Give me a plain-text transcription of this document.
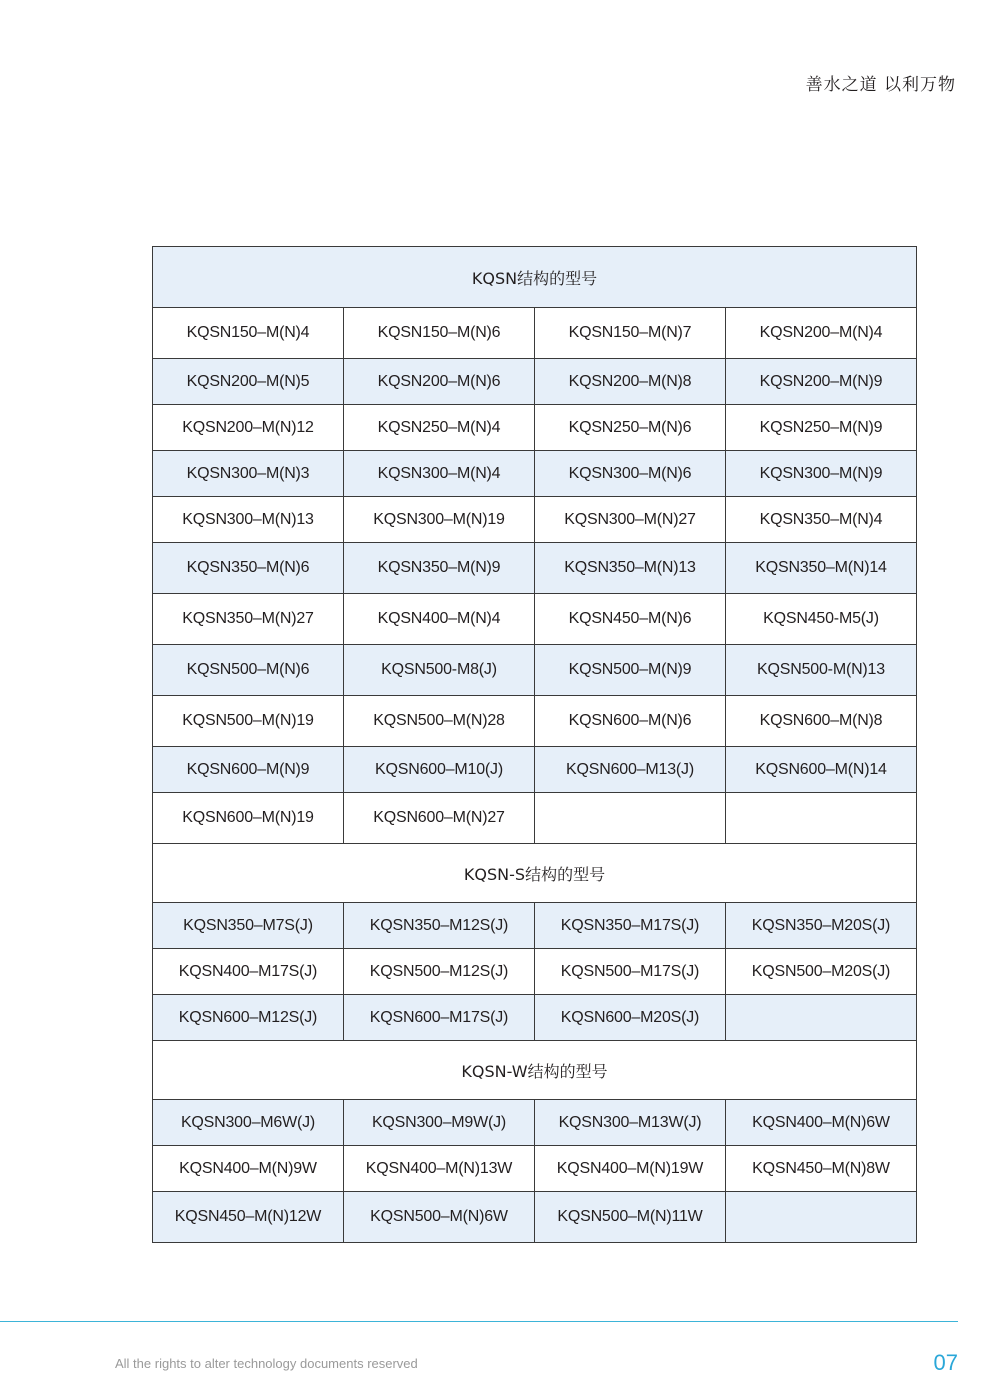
善水之道 以利万物
KQSN结构的型号			
KQSN150–M(N)4	KQSN150–M(N)6	KQSN150–M(N)7	KQSN200–M(N)4
KQSN200–M(N)5	KQSN200–M(N)6	KQSN200–M(N)8	KQSN200–M(N)9
KQSN200–M(N)12	KQSN250–M(N)4	KQSN250–M(N)6	KQSN250–M(N)9
KQSN300–M(N)3	KQSN300–M(N)4	KQSN300–M(N)6	KQSN300–M(N)9
KQSN300–M(N)13	KQSN300–M(N)19	KQSN300–M(N)27	KQSN350–M(N)4
KQSN350–M(N)6	KQSN350–M(N)9	KQSN350–M(N)13	KQSN350–M(N)14
KQSN350–M(N)27	KQSN400–M(N)4	KQSN450–M(N)6	KQSN450-M5(J)
KQSN500–M(N)6	KQSN500-M8(J)	KQSN500–M(N)9	KQSN500-M(N)13
KQSN500–M(N)19	KQSN500–M(N)28	KQSN600–M(N)6	KQSN600–M(N)8
KQSN600–M(N)9	KQSN600–M10(J)	KQSN600–M13(J)	KQSN600–M(N)14
KQSN600–M(N)19	KQSN600–M(N)27		
KQSN-S结构的型号			
KQSN350–M7S(J)	KQSN350–M12S(J)	KQSN350–M17S(J)	KQSN350–M20S(J)
KQSN400–M17S(J)	KQSN500–M12S(J)	KQSN500–M17S(J)	KQSN500–M20S(J)
KQSN600–M12S(J)	KQSN600–M17S(J)	KQSN600–M20S(J)	
KQSN-W结构的型号			
KQSN300–M6W(J)	KQSN300–M9W(J)	KQSN300–M13W(J)	KQSN400–M(N)6W
KQSN400–M(N)9W	KQSN400–M(N)13W	KQSN400–M(N)19W	KQSN450–M(N)8W
KQSN450–M(N)12W	KQSN500–M(N)6W	KQSN500–M(N)11W	
All the rights to alter technology documents reserved	07
